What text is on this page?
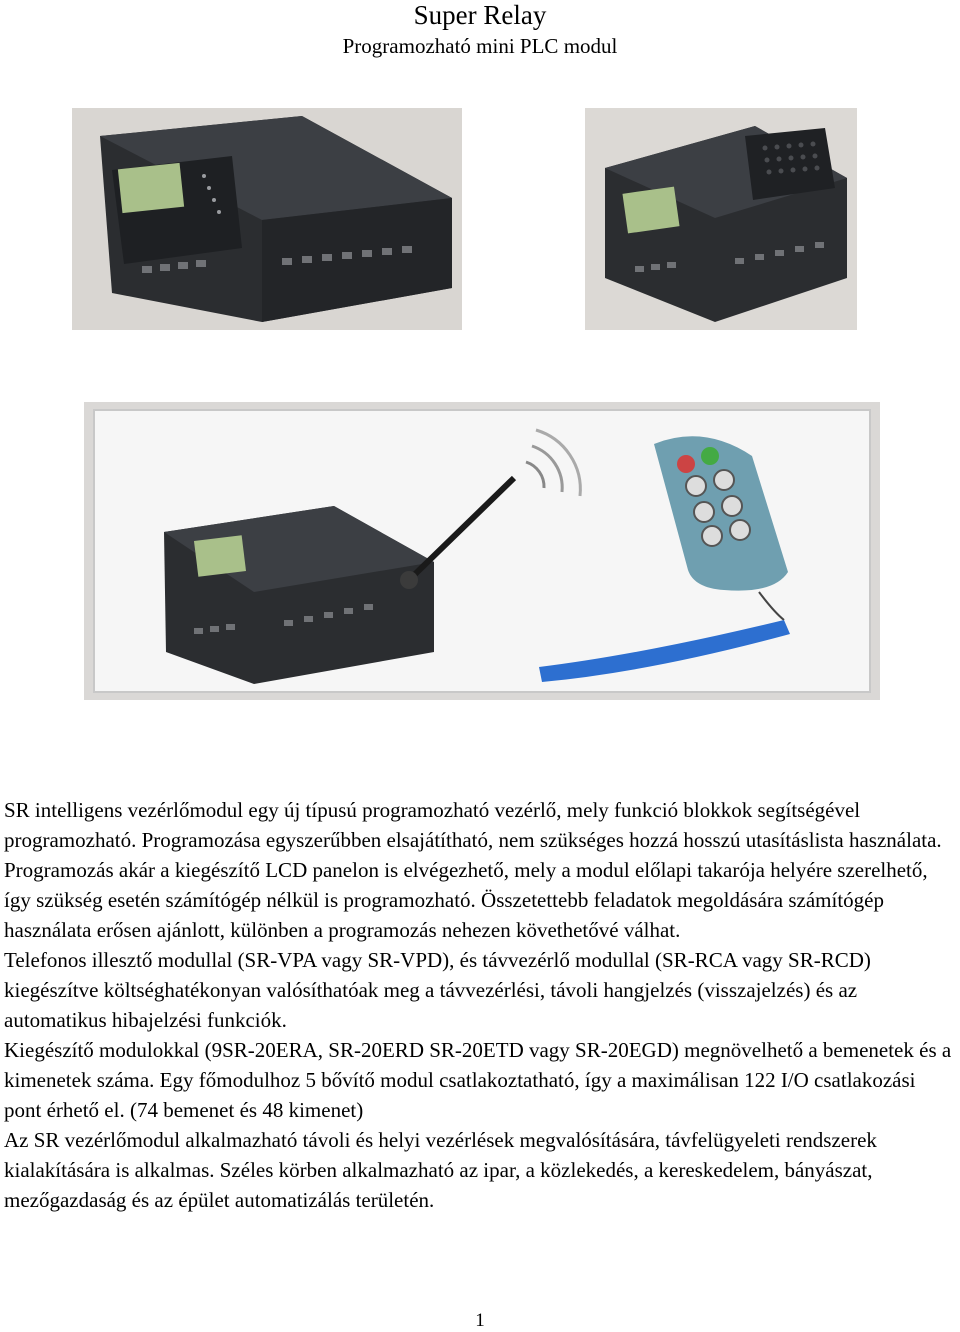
Super Relay
Programozható mini PLC modul

SR intelligens vezérlőmodul egy új típusú programozható vezérlő, mely funkció blokkok segítségével programozható. Programozása egyszerűbben elsajátítható, nem szükséges hozzá hosszú utasításlista használata. Programozás akár a kiegészítő LCD panelon is elvégezhető, mely a modul előlapi takarója helyére szerelhető, így szükség esetén számítógép nélkül is programozható. Összetettebb feladatok megoldására számítógép használata erősen ajánlott, különben a programozás nehezen követhetővé válhat.

Telefonos illesztő modullal (SR-VPA vagy SR-VPD), és távvezérlő modullal (SR-RCA vagy SR-RCD) kiegészítve költséghatékonyan valósíthatóak meg a távvezérlési, távoli hangjelzés (visszajelzés) és az automatikus hibajelzési funkciók.

Kiegészítő modulokkal (9SR-20ERA, SR-20ERD SR-20ETD vagy SR-20EGD) megnövelhető a bemenetek és a kimenetek száma. Egy főmodulhoz 5 bővítő modul csatlakoztatható, így a maximálisan 122 I/O csatlakozási pont érhető el. (74 bemenet és 48 kimenet)

Az SR vezérlőmodul alkalmazható távoli és helyi vezérlések megvalósítására, távfelügyeleti rendszerek kialakítására is alkalmas. Széles körben alkalmazható az ipar, a közlekedés, a kereskedelem, bányászat, mezőgazdaság és az épület automatizálás területén.

1
